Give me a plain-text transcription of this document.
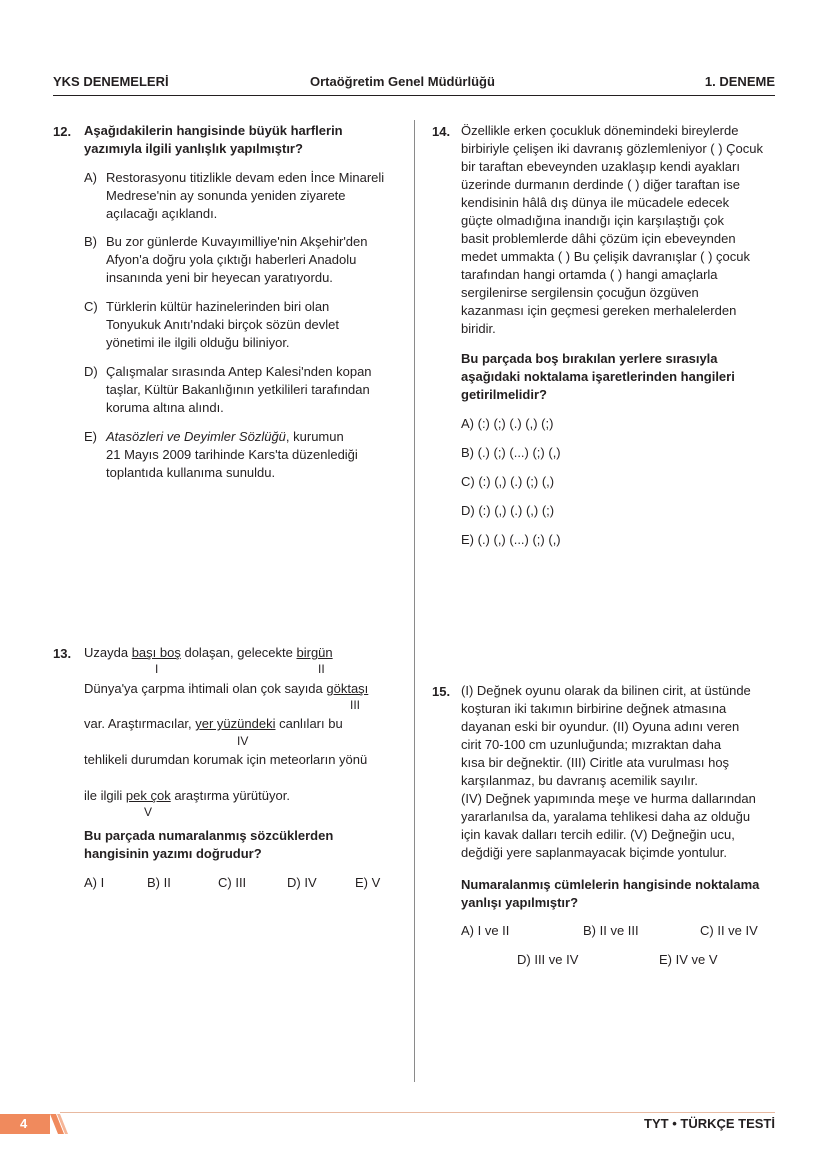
YKS DENEMELERİ	Ortaöğretim Genel Müdürlüğü	1. DENEME
12. Aşağıdakilerin hangisinde büyük harflerin
yazımıyla ilgili yanlışlık yapılmıştır?
A) Restorasyonu titizlikle devam eden İnce Minareli
Medrese'nin ay sonunda yeniden ziyarete
açılacağı açıklandı.
B) Bu zor günlerde Kuvayımilliye'nin Akşehir'den
Afyon'a doğru yola çıktığı haberleri Anadolu
insanında yeni bir heyecan yaratıyordu.
C) Türklerin kültür hazinelerinden biri olan
Tonyukuk Anıtı'ndaki birçok sözün devlet
yönetimi ile ilgili olduğu biliniyor.
D) Çalışmalar sırasında Antep Kalesi'nden kopan
taşlar, Kültür Bakanlığının yetkilileri tarafından
koruma altına alındı.
E) Atasözleri ve Deyimler Sözlüğü, kurumun
21 Mayıs 2009 tarihinde Kars'ta düzenlediği
toplantıda kullanıma sunuldu.
13. Uzayda başı boş dolaşan, gelecekte birgün
I	II
Dünya'ya çarpma ihtimali olan çok sayıda göktaşı
III
var. Araştırmacılar, yer yüzündeki canlıları bu
IV
tehlikeli durumdan korumak için meteorların yönü
ile ilgili pek çok araştırma yürütüyor.
V
Bu parçada numaralanmış sözcüklerden
hangisinin yazımı doğrudur?
A) I	B) II	C) III	D) IV	E) V
14. Özellikle erken çocukluk dönemindeki bireylerde
birbiriyle çelişen iki davranış gözlemleniyor ( ) Çocuk
bir taraftan ebeveynden uzaklaşıp kendi ayakları
üzerinde durmanın derdinde ( ) diğer taraftan ise
kendisinin hâlâ dış dünya ile mücadele edecek
güçte olmadığına inandığı için karşılaştığı çok
basit problemlerde dâhi çözüm için ebeveynden
medet ummakta ( ) Bu çelişik davranışlar ( ) çocuk
tarafından hangi ortamda ( ) hangi amaçlarla
sergilenirse sergilensin çocuğun özgüven
kazanması için geçmesi gereken merhalelerden
biridir.
Bu parçada boş bırakılan yerlere sırasıyla
aşağıdaki noktalama işaretlerinden hangileri
getirilmelidir?
A) (:) (;) (.) (,) (;)
B) (.) (;) (...) (;) (,)
C) (:) (,) (.) (;) (,)
D) (:) (,) (.) (,) (;)
E) (.) (,) (...) (;) (,)
15. (I) Değnek oyunu olarak da bilinen cirit, at üstünde
koşturan iki takımın birbirine değnek atmasına
dayanan eski bir oyundur. (II) Oyuna adını veren
cirit 70-100 cm uzunluğunda; mızraktan daha
kısa bir değnektir. (III) Ciritle ata vurulması hoş
karşılanmaz, bu davranış acemilik sayılır.
(IV) Değnek yapımında meşe ve hurma dallarından
yararlanılsa da, yaralama tehlikesi daha az olduğu
için kavak dalları tercih edilir. (V) Değneğin ucu,
değdiği yere saplanmayacak biçimde yontulur.
Numaralanmış cümlelerin hangisinde noktalama
yanlışı yapılmıştır?
A) I ve II	B) II ve III	C) II ve IV
D) III ve IV	E) IV ve V
4	TYT • TÜRKÇE TESTİ
